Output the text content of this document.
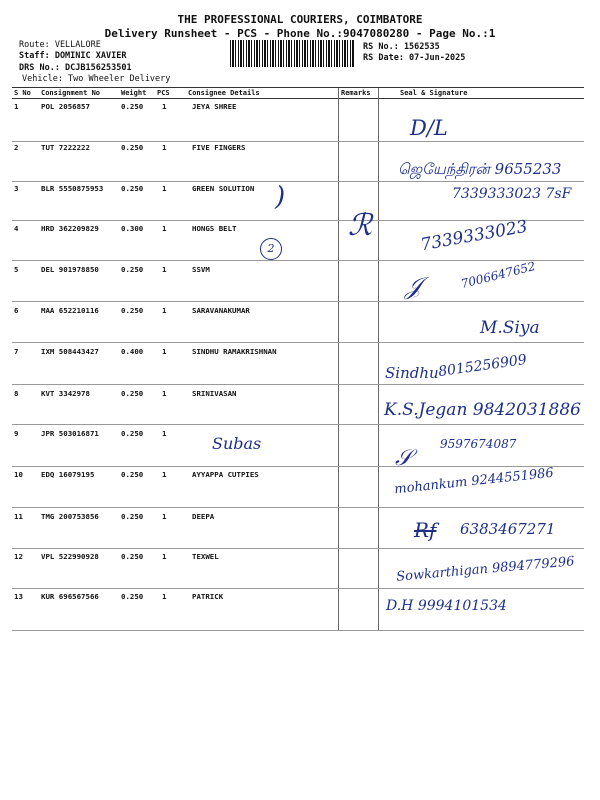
THE PROFESSIONAL COURIERS, COIMBATORE
Delivery Runsheet - PCS - Phone No.:9047080280 - Page No.:1
Route: VELLALORE
Staff: DOMINIC XAVIER
DRS No.: DCJB156253501
Vehicle: Two Wheeler Delivery
RS No.: 1562535
RS Date: 07-Jun-2025
S No Consignment No	Weight PCS	Consignee Details	Remarks	Seal & Signature
1	POL 2056857	0.250	1	JEYA SHREE
D/L
2	TUT 7222222	0.250	1	FIVE FINGERS
ஜெயேந்திரன் 9655233
3	BLR 5550875953 0.250	1	GREEN SOLUTION	7339333023 7sF
)
4	HRD 362209829	0.300	1	HONGS BELT
2
ℛ	7339333023
5	DEL 901978850	0.250	1	SSVM
𝒥	7006647652
6	MAA 652210116	0.250	1	SARAVANAKUMAR
M.Siya
7	IXM 508443427	0.400	1	SINDHU RAMAKRISHNAN
Sindhu
8015256909
8	KVT 3342978	0.250	1	SRINIVASAN
K.S.Jegan 9842031886
9	JPR 503016871	0.250	1
Subas
𝒮
9597674087
10 EDQ 16079195	0.250	1	AYYAPPA CUTPIES	mohankum 9244551986
11 TMG 200753856	0.250	1	DEEPA
Rf 6383467271
12 VPL 522990928	0.250	1	TEXWEL	Sowkarthigan 9894779296
13 KUR 696567566	0.250	1	PATRICK
D.H 9994101534
